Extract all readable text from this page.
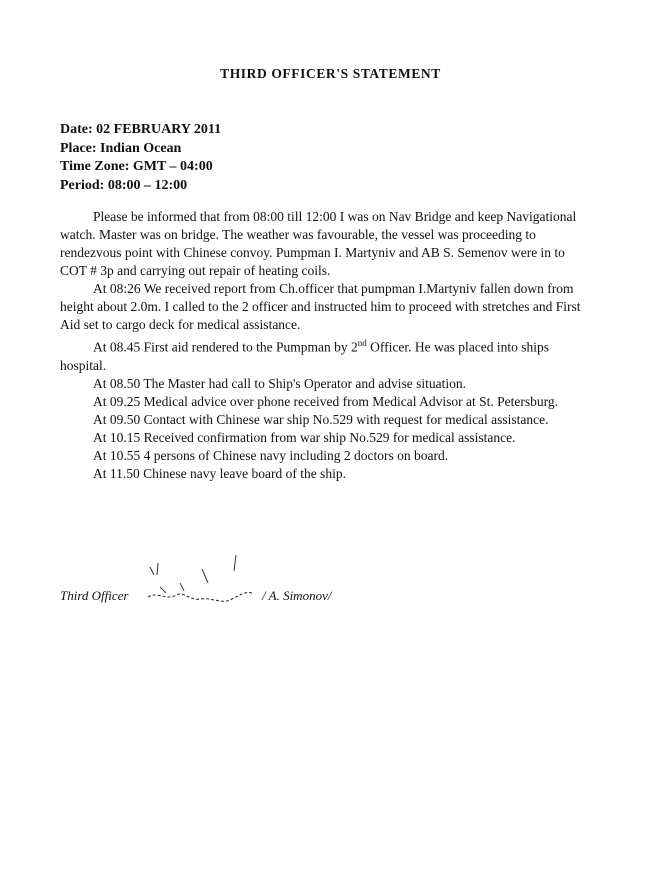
THIRD OFFICER'S STATEMENT
Date: 02 FEBRUARY 2011
Place: Indian Ocean
Time Zone: GMT – 04:00
Period: 08:00 – 12:00

Please be informed that from 08:00 till 12:00 I was on Nav Bridge and keep Navigational watch. Master was on bridge. The weather was favourable, the vessel was proceeding to rendezvous point with Chinese convoy. Pumpman I. Martyniv and AB S. Semenov were in to COT # 3p and carrying out repair of heating coils.

At 08:26 We received report from Ch.officer that pumpman I.Martyniv fallen down from height about 2.0m. I called to the 2 officer and instructed him to proceed with stretches and First Aid set to cargo deck for medical assistance.

At 08.45 First aid rendered to the Pumpman by 2nd Officer. He was placed into ships hospital.

At 08.50 The Master had call to Ship's Operator and advise situation.

At 09.25 Medical advice over phone received from Medical Advisor at St. Petersburg.

At 09.50 Contact with Chinese war ship No.529 with request for medical assistance.

At 10.15 Received confirmation from war ship No.529 for medical assistance.

At 10.55 4 persons of Chinese navy including 2 doctors on board.

At 11.50 Chinese navy leave board of the ship.

Third Officer	/ A. Simonov/
